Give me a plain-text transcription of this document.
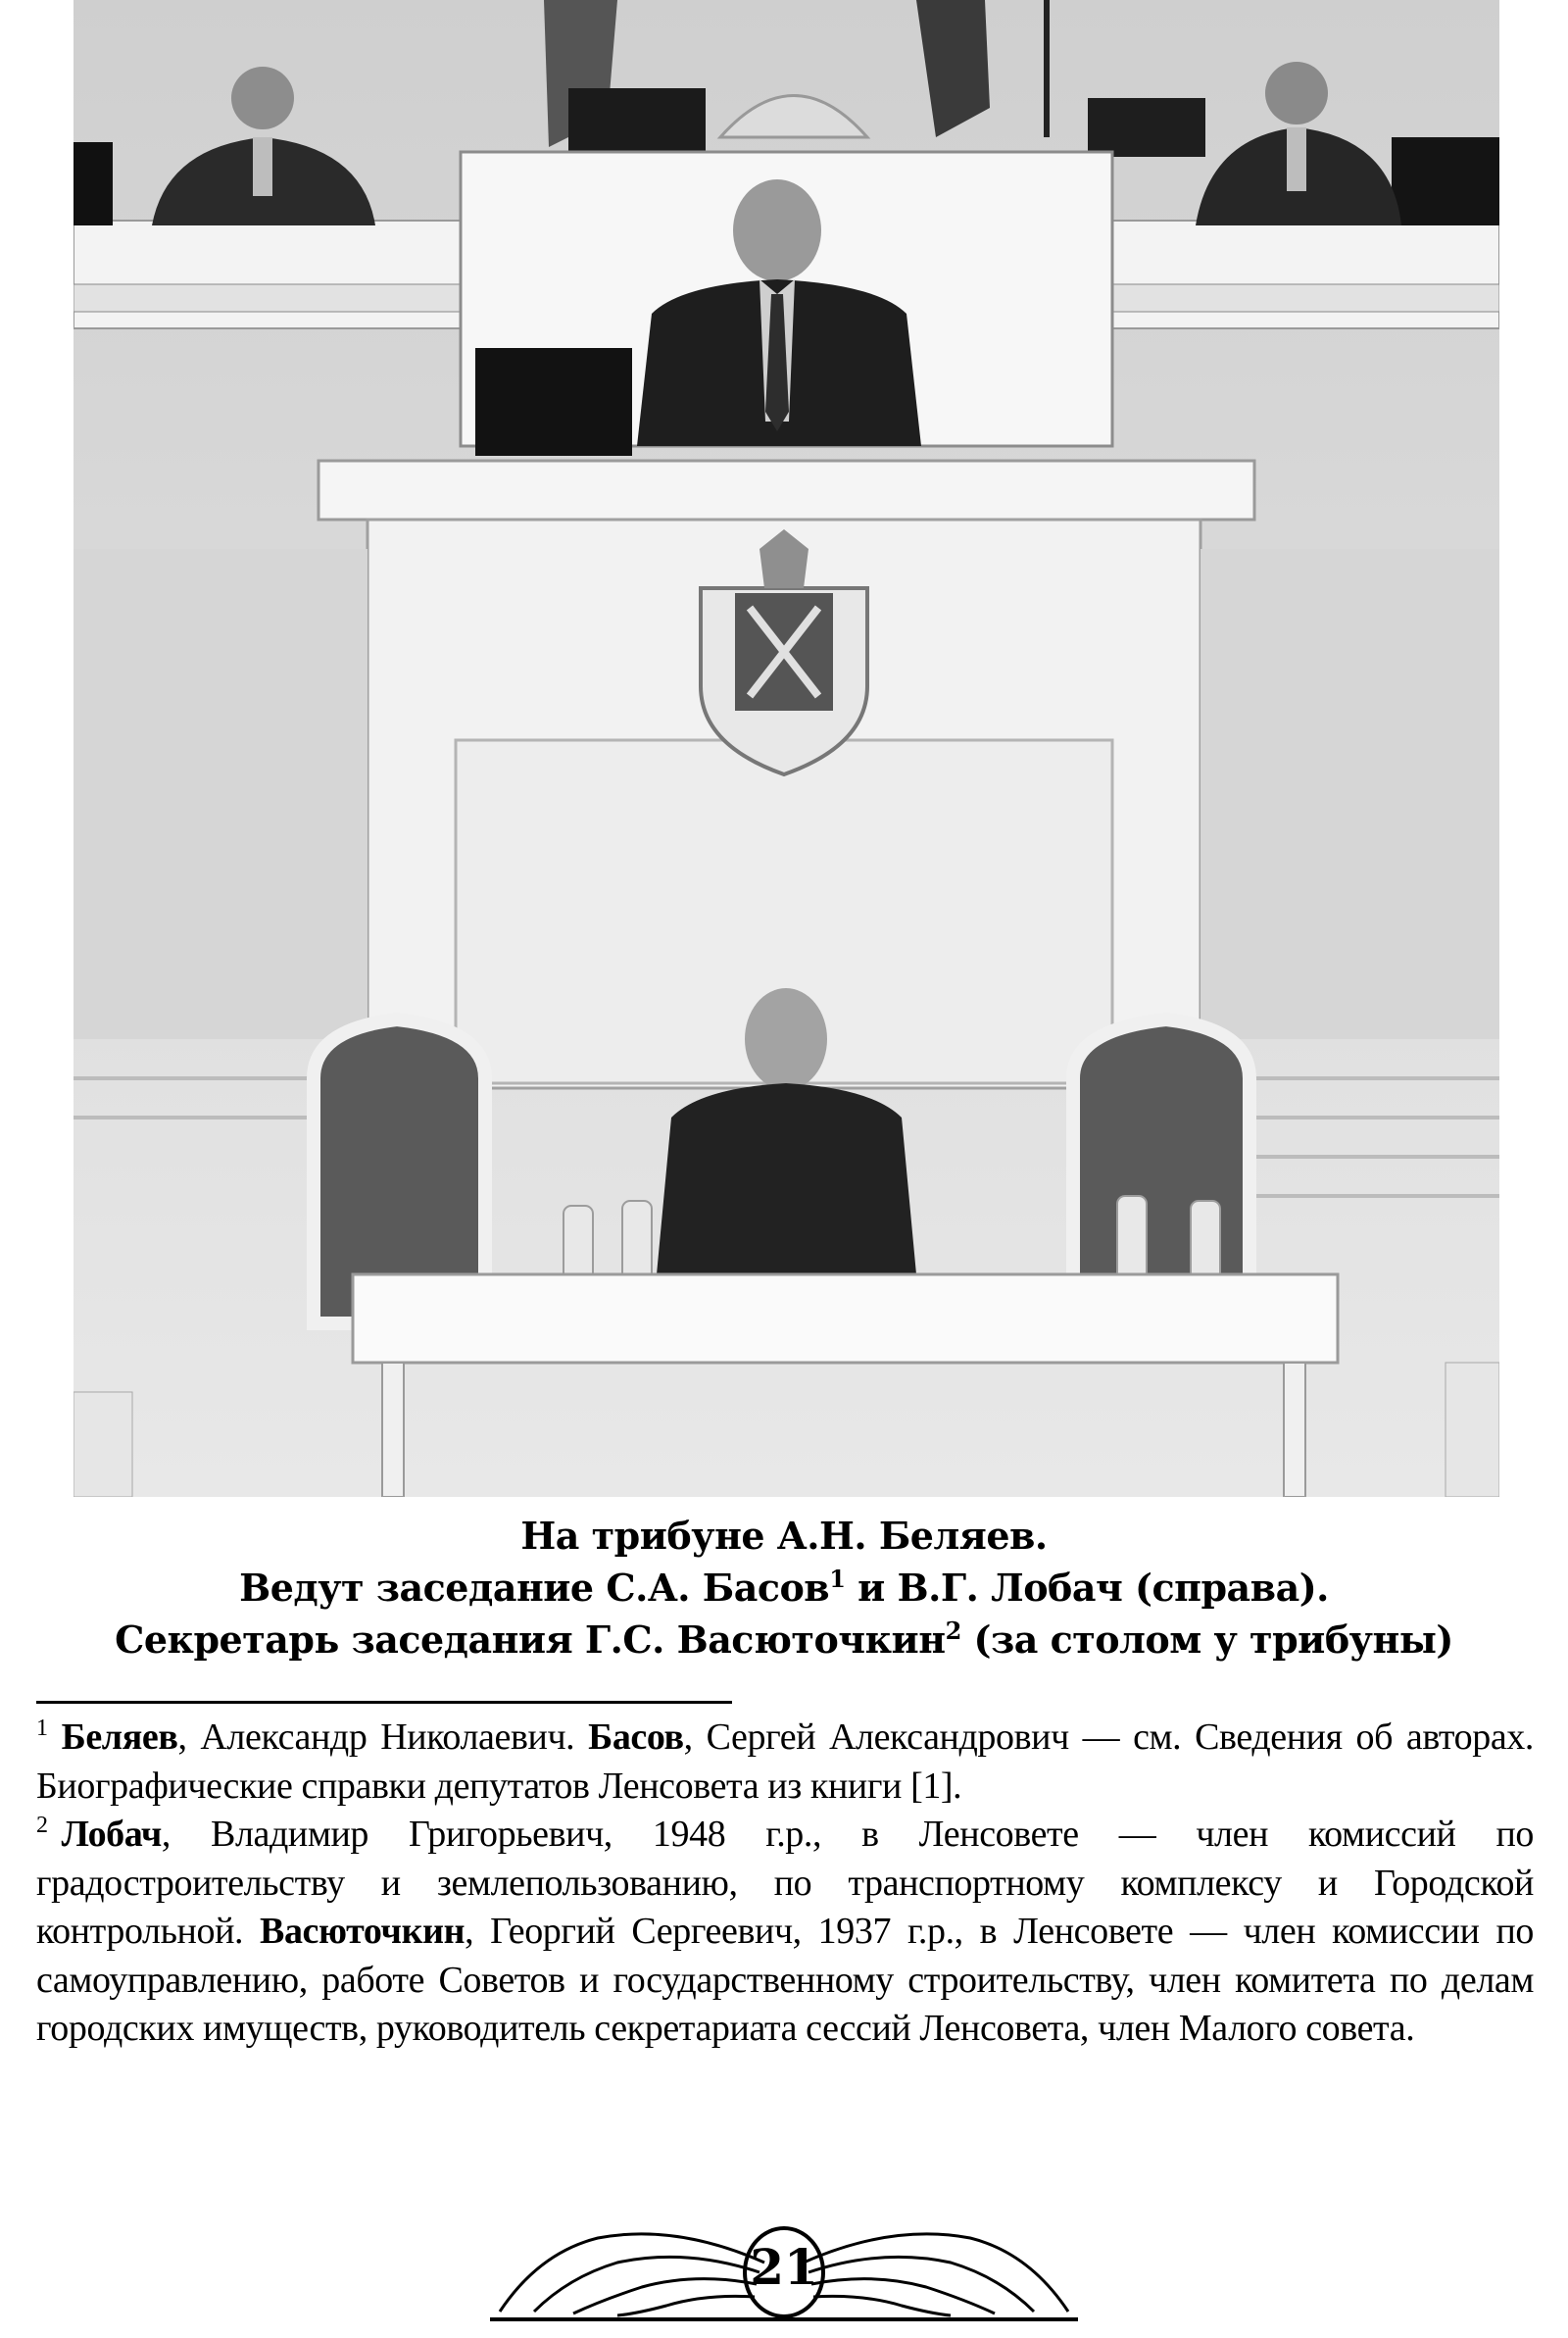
На трибуне А.Н. Беляев.
Ведут заседание С.А. Басов$^1$ и В.Г. Лобач (справа).
Секретарь заседания Г.С. Васюточкин$^2$ (за столом у трибуны)

$^1$ Беляев, Александр Николаевич. Басов, Сергей Александрович — см. Сведения об авторах. Биографические справки депутатов Ленсовета из книги [1].

$^2$ Лобач, Владимир Григорьевич, 1948 г.р., в Ленсовете — член комиссий по градостроительству и землепользованию, по транспортному комплексу и Городской контрольной. Васюточкин, Георгий Сергеевич, 1937 г.р., в Ленсовете — член комиссии по самоуправлению, работе Советов и государственному строительству, член комитета по делам городских имуществ, руководитель секретариата сессий Ленсовета, член Малого совета.

21
